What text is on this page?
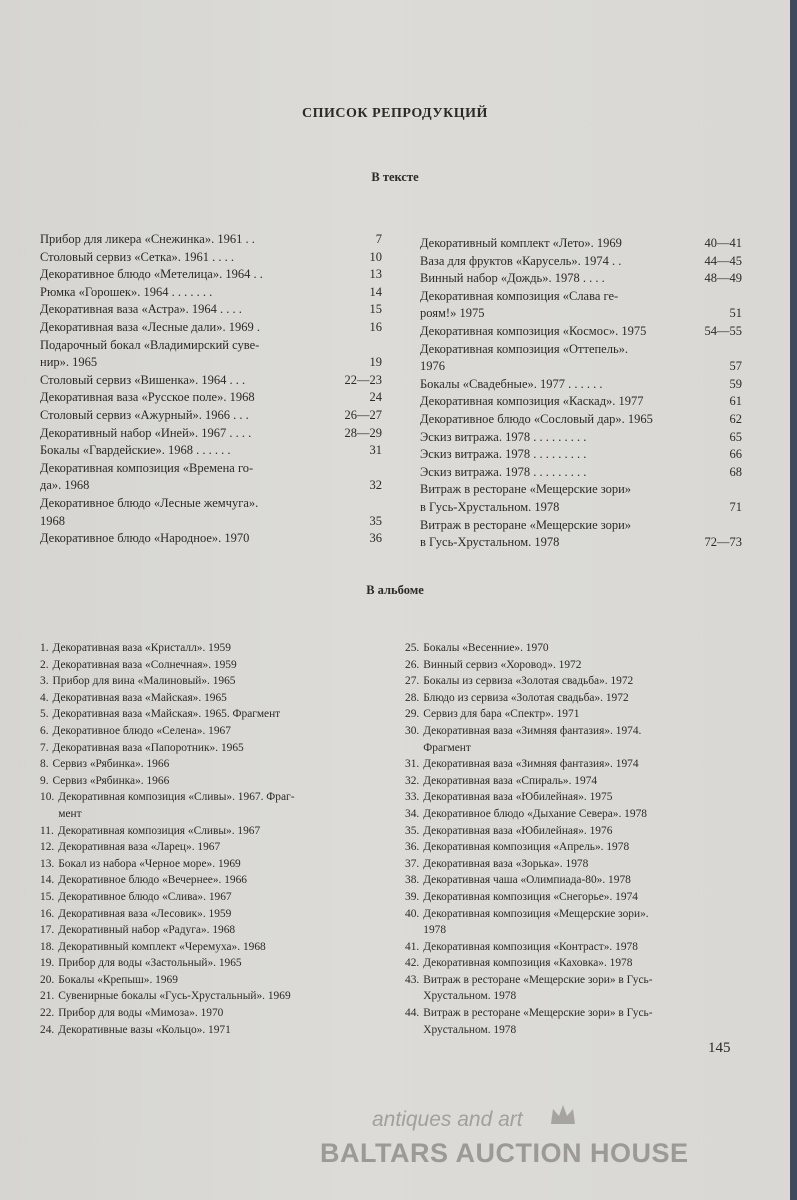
СПИСОК РЕПРОДУКЦИЙ
В тексте
Прибор для ликера «Снежинка». 1961 . .	7
Столовый сервиз «Сетка». 1961 . . . .	10
Декоративное блюдо «Метелица». 1964 . .	13
Рюмка «Горошек». 1964 . . . . . . .	14
Декоративная ваза «Астра». 1964 . . . .	15
Декоративная ваза «Лесные дали». 1969 .	16
Подарочный бокал «Владимирский суве-
нир». 1965	19
Столовый сервиз «Вишенка». 1964 . . .	22—23
Декоративная ваза «Русское поле». 1968	24
Столовый сервиз «Ажурный». 1966 . . .	26—27
Декоративный набор «Иней». 1967 . . . .	28—29
Бокалы «Гвардейские». 1968 . . . . . .	31
Декоративная композиция «Времена го-
да». 1968	32
Декоративное блюдо «Лесные жемчуга».
1968	35
Декоративное блюдо «Народное». 1970	36
Декоративный комплект «Лето». 1969	40—41
Ваза для фруктов «Карусель». 1974 . .	44—45
Винный набор «Дождь». 1978 . . . .	48—49
Декоративная композиция «Слава ге-
роям!» 1975	51
Декоративная композиция «Космос». 1975	54—55
Декоративная композиция «Оттепель».
1976	57
Бокалы «Свадебные». 1977 . . . . . .	59
Декоративная композиция «Каскад». 1977	61
Декоративное блюдо «Сословый дар». 1965	62
Эскиз витража. 1978 . . . . . . . . .	65
Эскиз витража. 1978 . . . . . . . . .	66
Эскиз витража. 1978 . . . . . . . . .	68
Витраж в ресторане «Мещерские зори»
в Гусь-Хрустальном. 1978	71
Витраж в ресторане «Мещерские зори»
в Гусь-Хрустальном. 1978	72—73
В альбоме
1. Декоративная ваза «Кристалл». 1959
2. Декоративная ваза «Солнечная». 1959
3. Прибор для вина «Малиновый». 1965
4. Декоративная ваза «Майская». 1965
5. Декоративная ваза «Майская». 1965. Фрагмент
6. Декоративное блюдо «Селена». 1967
7. Декоративная ваза «Папоротник». 1965
8. Сервиз «Рябинка». 1966
9. Сервиз «Рябинка». 1966
10. Декоративная композиция «Сливы». 1967. Фраг-
мент
11. Декоративная композиция «Сливы». 1967
12. Декоративная ваза «Ларец». 1967
13. Бокал из набора «Черное море». 1969
14. Декоративное блюдо «Вечернее». 1966
15. Декоративное блюдо «Слива». 1967
16. Декоративная ваза «Лесовик». 1959
17. Декоративный набор «Радуга». 1968
18. Декоративный комплект «Черемуха». 1968
19. Прибор для воды «Застольный». 1965
20. Бокалы «Крепыш». 1969
21. Сувенирные бокалы «Гусь-Хрустальный». 1969
22. Прибор для воды «Мимоза». 1970
24. Декоративные вазы «Кольцо». 1971
25. Бокалы «Весенние». 1970
26. Винный сервиз «Хоровод». 1972
27. Бокалы из сервиза «Золотая свадьба». 1972
28. Блюдо из сервиза «Золотая свадьба». 1972
29. Сервиз для бара «Спектр». 1971
30. Декоративная ваза «Зимняя фантазия». 1974.
Фрагмент
31. Декоративная ваза «Зимняя фантазия». 1974
32. Декоративная ваза «Спираль». 1974
33. Декоративная ваза «Юбилейная». 1975
34. Декоративное блюдо «Дыхание Севера». 1978
35. Декоративная ваза «Юбилейная». 1976
36. Декоративная композиция «Апрель». 1978
37. Декоративная ваза «Зорька». 1978
38. Декоративная чаша «Олимпиада-80». 1978
39. Декоративная композиция «Снегорье». 1974
40. Декоративная композиция «Мещерские зори».
1978
41. Декоративная композиция «Контраст». 1978
42. Декоративная композиция «Каховка». 1978
43. Витраж в ресторане «Мещерские зори» в Гусь-
Хрустальном. 1978
44. Витраж в ресторане «Мещерские зори» в Гусь-
Хрустальном. 1978
145
antiques and art
BALTARS AUCTION HOUSE
